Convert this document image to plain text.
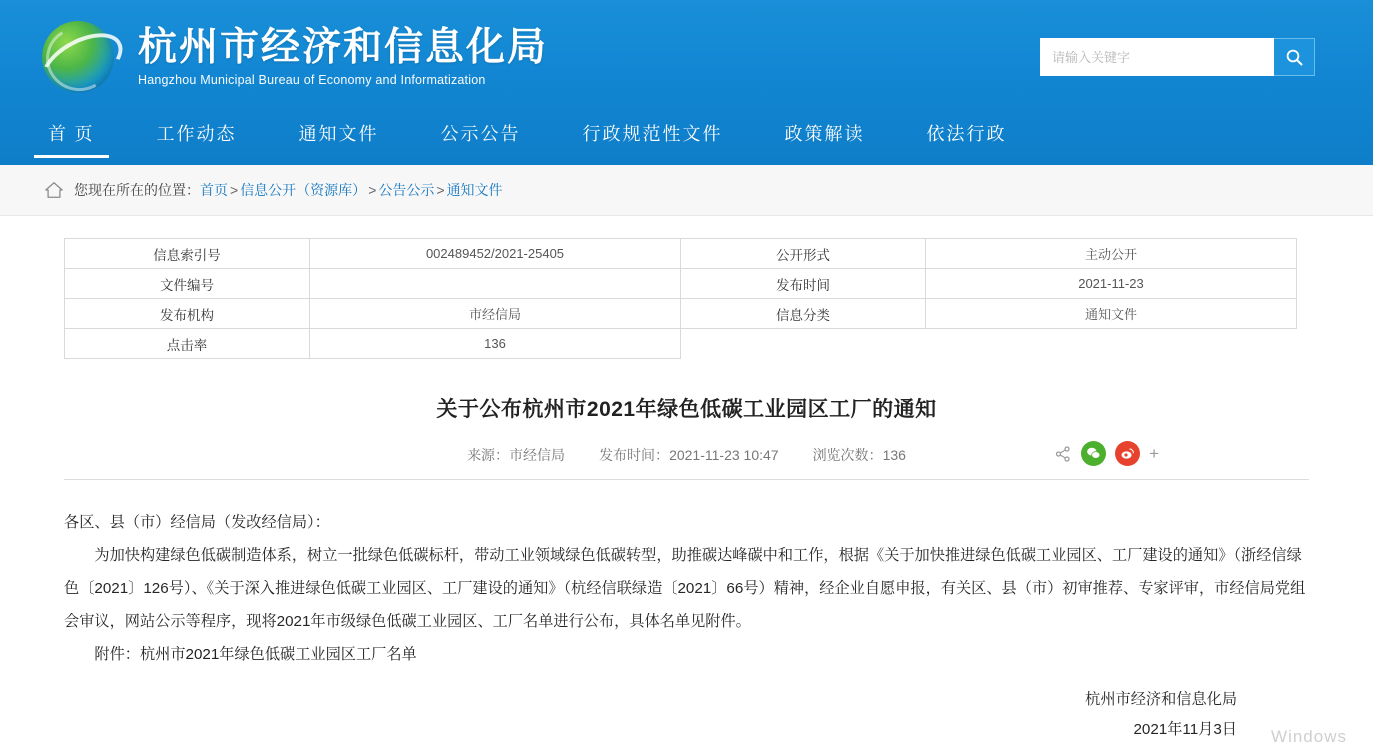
杭州市经济和信息化局
Hangzhou Municipal Bureau of Economy and Informatization
请输入关键字
首 页	工作动态	通知文件	公示公告	行政规范性文件	政策解读	依法行政
您现在所在的位置： 首页 > 信息公开（资源库） > 公告公示 > 通知文件
信息索引号	002489452/2021-25405	公开形式	主动公开
文件编号		发布时间	2021-11-23
发布机构	市经信局	信息分类	通知文件
点击率	136		
关于公布杭州市2021年绿色低碳工业园区工厂的通知
来源：市经信局 发布时间：2021-11-23 10:47 浏览次数：136	+

各区、县（市）经信局（发改经信局）：

为加快构建绿色低碳制造体系，树立一批绿色低碳标杆，带动工业领域绿色低碳转型，助推碳达峰碳中和工作，根据《关于加快推进绿色低碳工业园区、工厂建设的通知》（浙经信绿色〔2021〕126号）、《关于深入推进绿色低碳工业园区、工厂建设的通知》（杭经信联绿造〔2021〕66号）精神，经企业自愿申报，有关区、县（市）初审推荐、专家评审，市经信局党组会审议，网站公示等程序，现将2021年市级绿色低碳工业园区、工厂名单进行公布，具体名单见附件。

附件：杭州市2021年绿色低碳工业园区工厂名单

杭州市经济和信息化局
2021年11月3日 Windows
